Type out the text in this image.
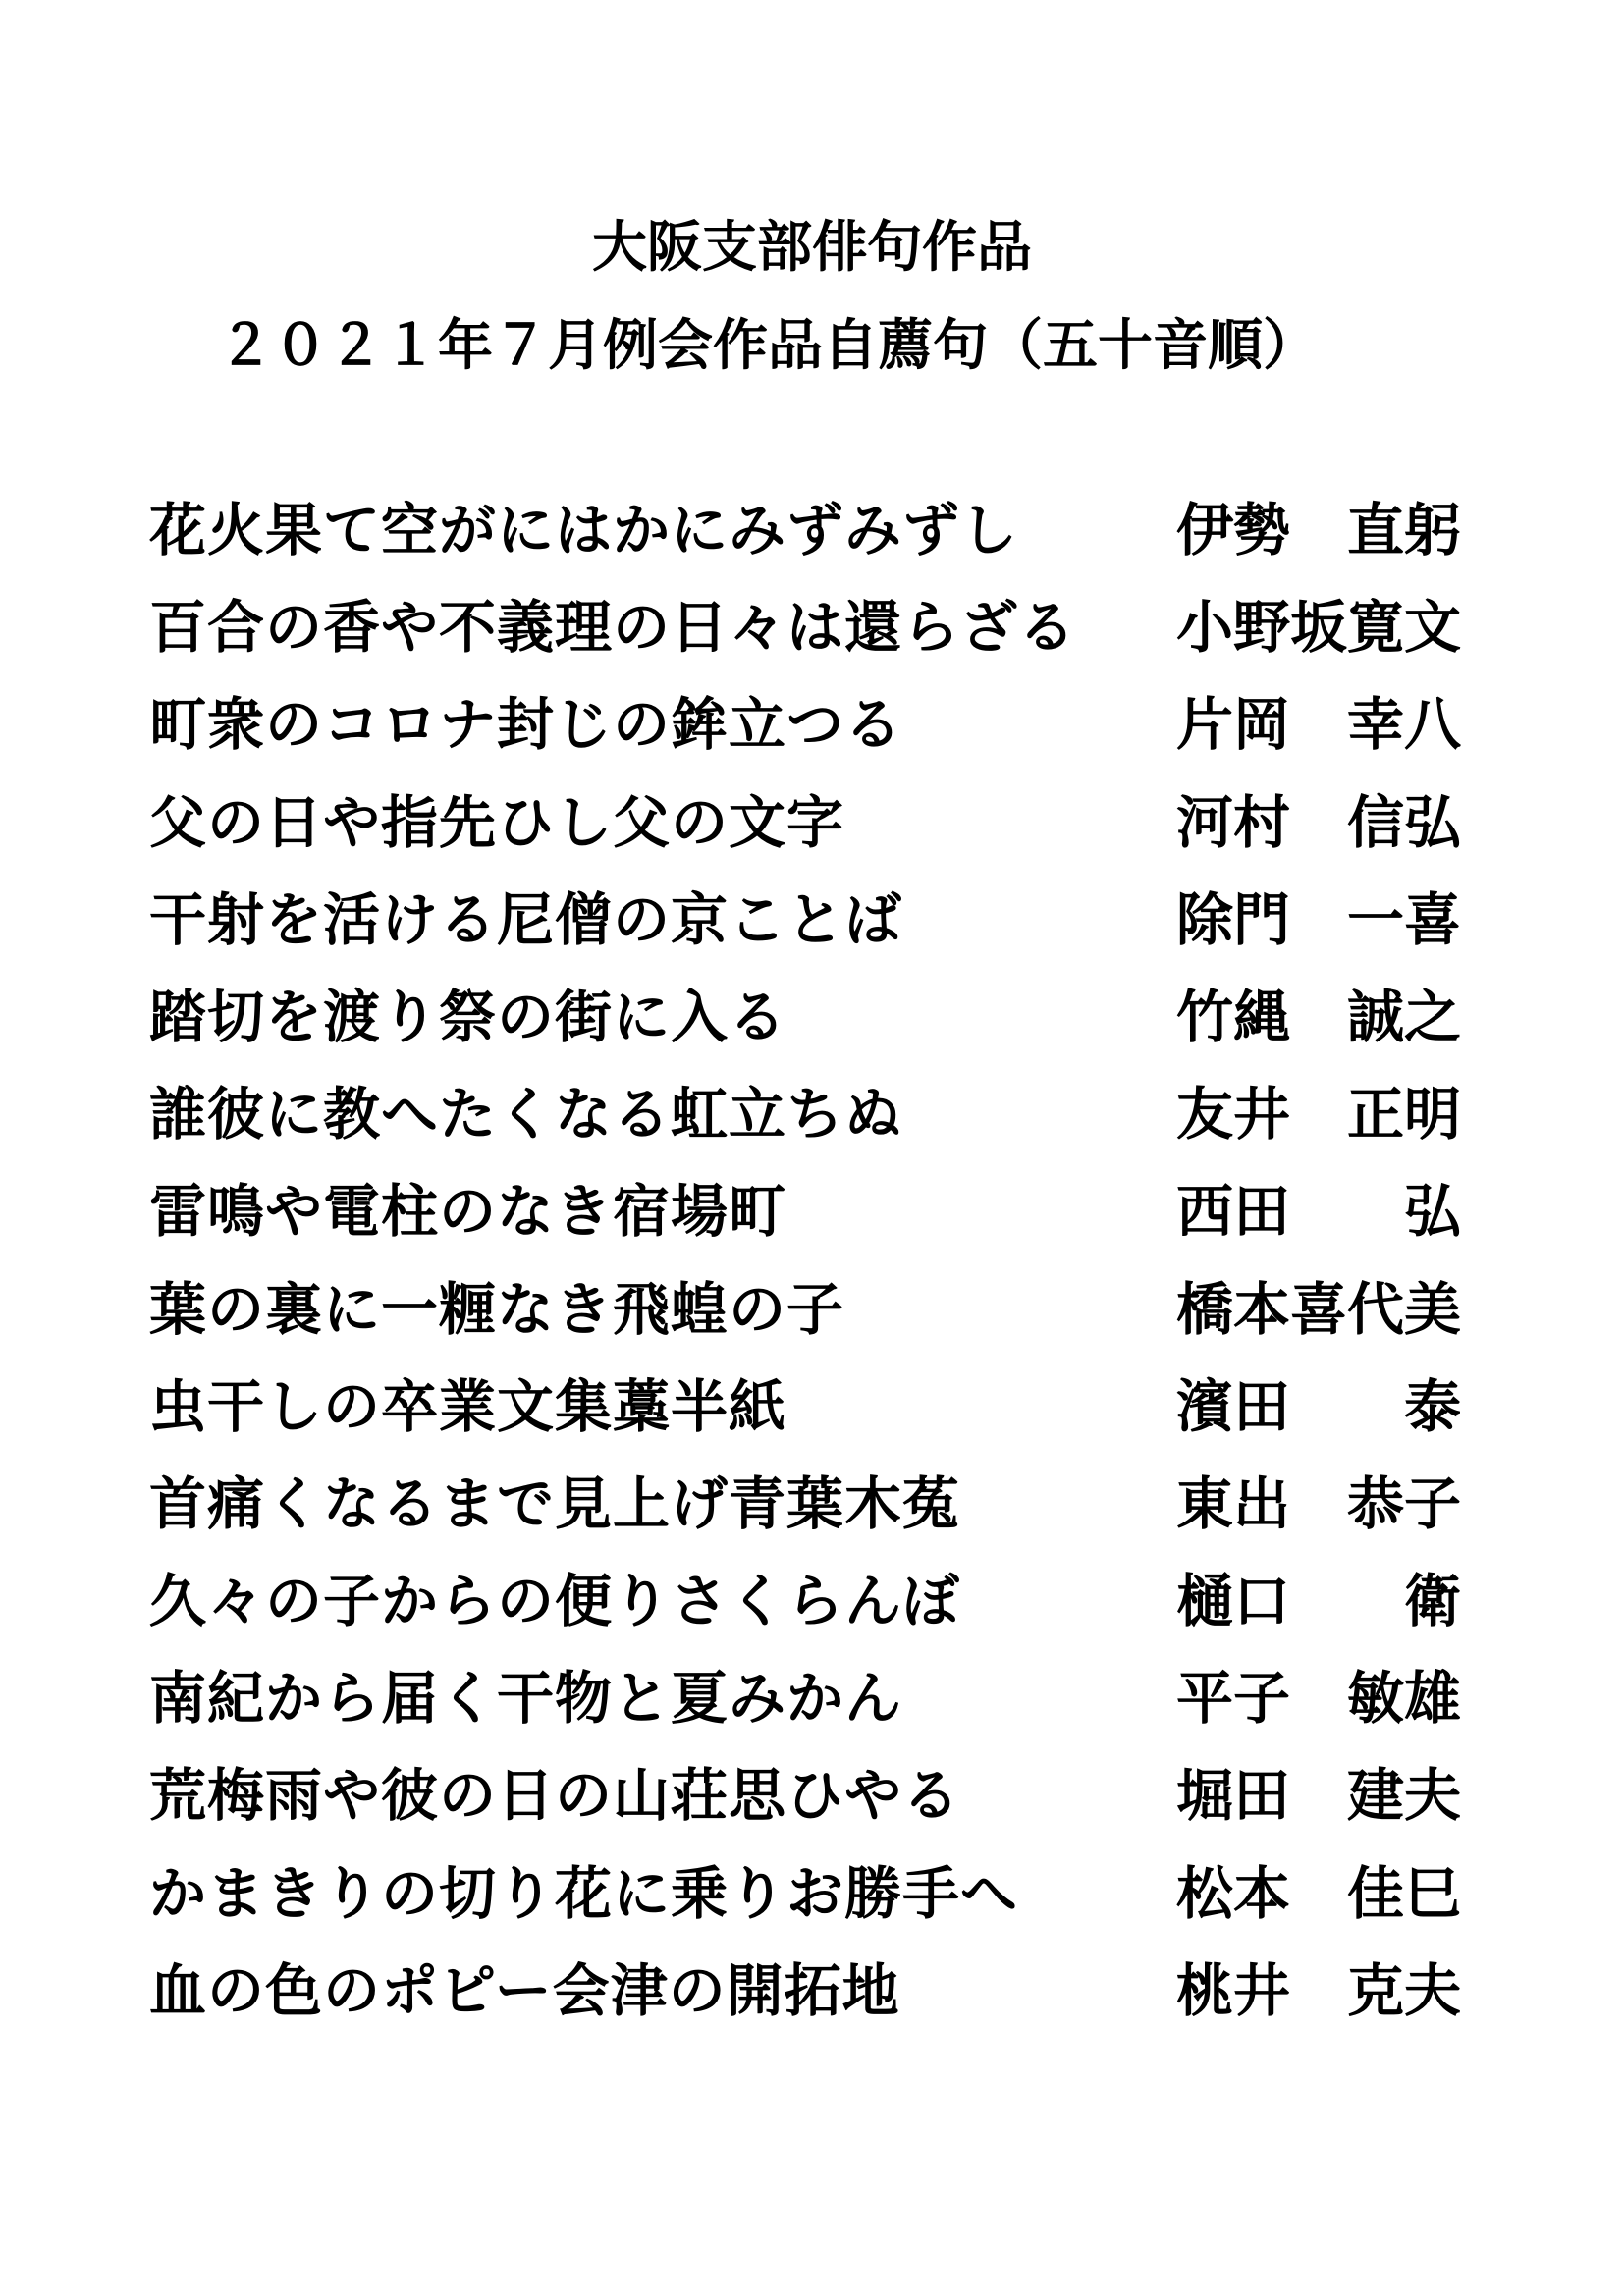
大阪支部俳句作品
２０２１年７月例会作品自薦句（五十音順）
花火果て空がにはかにみずみずし	伊勢　直躬
百合の香や不義理の日々は還らざる 小野坂寛文
町衆のコロナ封じの鉾立つる	片岡　幸八
父の日や指先ひし父の文字	河村　信弘
干射を活ける尼僧の京ことば	除門　一喜
踏切を渡り祭の街に入る	竹縄　誠之
誰彼に教へたくなる虹立ちぬ	友井　正明
雷鳴や電柱のなき宿場町	西田　　弘
葉の裏に一糎なき飛蝗の子	橋本喜代美
虫干しの卒業文集藁半紙	濱田　　泰
首痛くなるまで見上げ青葉木菟	東出　恭子
久々の子からの便りさくらんぼ	樋口　　衛
南紀から届く干物と夏みかん	平子　敏雄
荒梅雨や彼の日の山荘思ひやる	堀田　建夫
かまきりの切り花に乗りお勝手へ	松本　佳巳
血の色のポピー会津の開拓地	桃井　克夫
